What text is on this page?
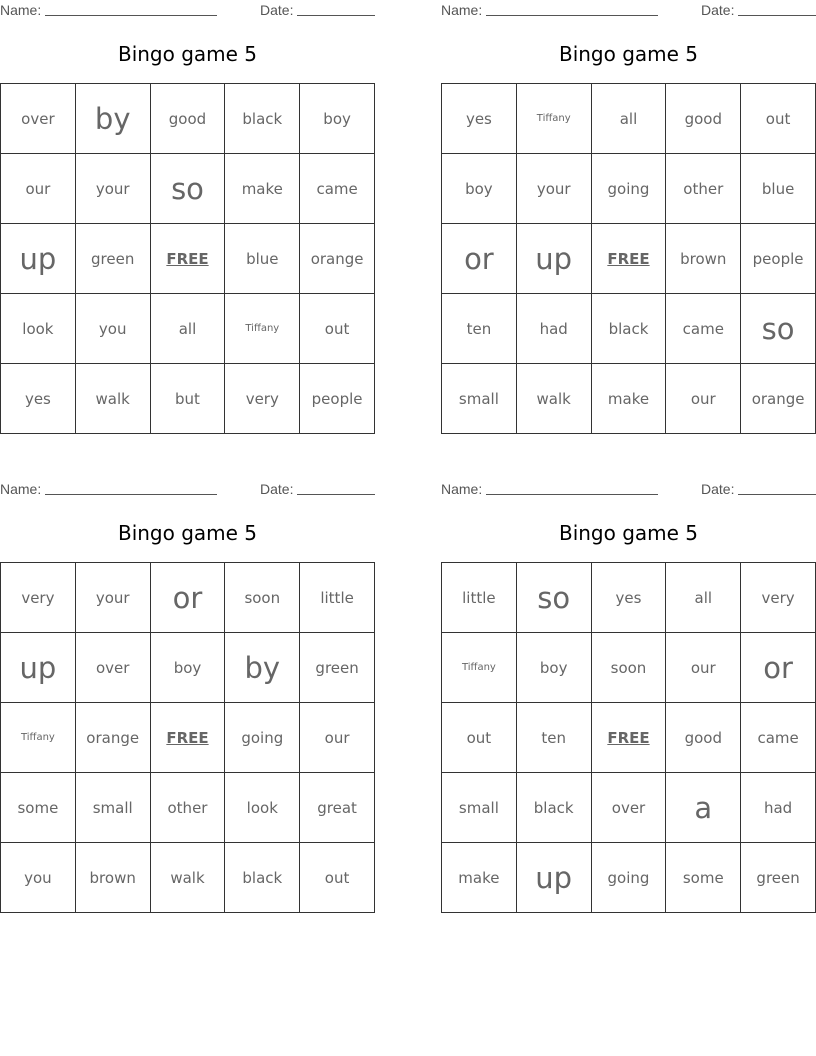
Name:	Date:
Bingo game 5
over	by	good	black	boy
our	your	so	make	came
up	green	FREE	blue	orange
look	you	all	Tiffany	out
yes	walk	but	very	people
Name:	Date:
Bingo game 5
yes	Tiffany	all	good	out
boy	your	going	other	blue
or	up	FREE	brown	people
ten	had	black	came	so
small	walk	make	our	orange
Name:	Date:
Bingo game 5
very	your	or	soon	little
up	over	boy	by	green
Tiffany	orange	FREE	going	our
some	small	other	look	great
you	brown	walk	black	out
Name:	Date:
Bingo game 5
little	so	yes	all	very
Tiffany	boy	soon	our	or
out	ten	FREE	good	came
small	black	over	a	had
make	up	going	some	green
